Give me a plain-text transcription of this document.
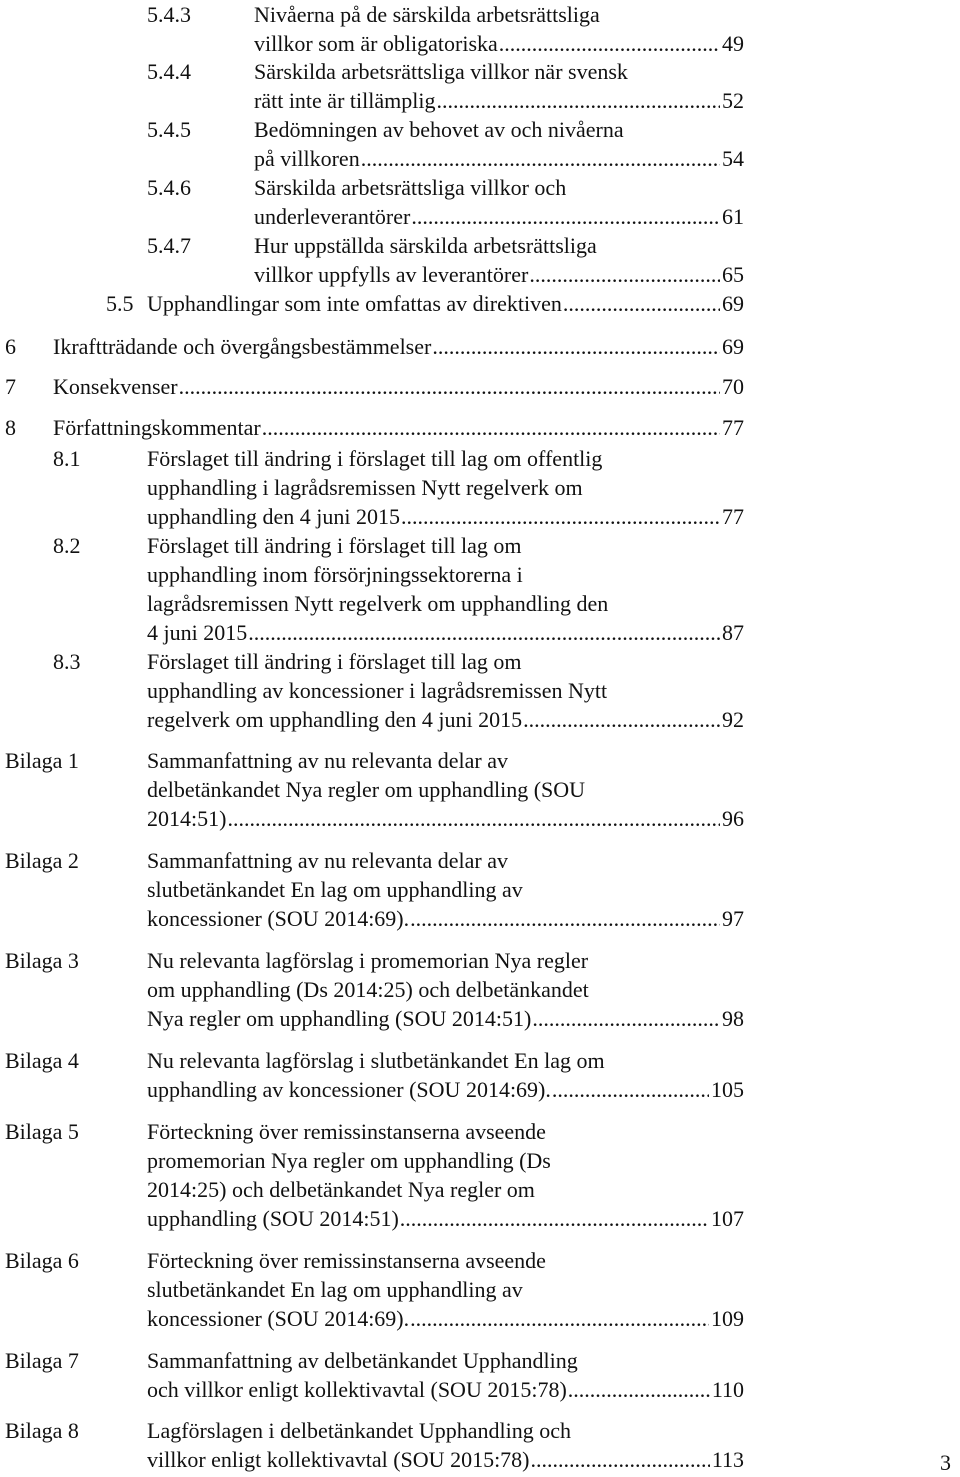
5.4.3	Nivåerna på de särskilda arbetsrättsliga
villkor som är obligatoriska .....	49
5.4.4	Särskilda arbetsrättsliga villkor när svensk
rätt inte är tillämplig .....	52
5.4.5	Bedömningen av behovet av och nivåerna
på villkoren .....	54
5.4.6	Särskilda arbetsrättsliga villkor och
underleverantörer .....	61
5.4.7	Hur uppställda särskilda arbetsrättsliga
villkor uppfylls av leverantörer .....	65
5.5 Upphandlingar som inte omfattas av direktiven .....	69
6 Ikraftträdande och övergångsbestämmelser .....	69
7 Konsekvenser .....	70
8 Författningskommentar .....	77
8.1	Förslaget till ändring i förslaget till lag om offentlig
upphandling i lagrådsremissen Nytt regelverk om
upphandling den 4 juni 2015 .....	77
8.2	Förslaget till ändring i förslaget till lag om
upphandling inom försörjningssektorerna i
lagrådsremissen Nytt regelverk om upphandling den
4 juni 2015 .....	87
8.3	Förslaget till ändring i förslaget till lag om
upphandling av koncessioner i lagrådsremissen Nytt
regelverk om upphandling den 4 juni 2015 .....	92
Bilaga 1	Sammanfattning av nu relevanta delar av
delbetänkandet Nya regler om upphandling (SOU
2014:51) .....	96
Bilaga 2	Sammanfattning av nu relevanta delar av
slutbetänkandet En lag om upphandling av
koncessioner (SOU 2014:69). .....	97
Bilaga 3	Nu relevanta lagförslag i promemorian Nya regler
om upphandling (Ds 2014:25) och delbetänkandet
Nya regler om upphandling (SOU 2014:51) .....	98
Bilaga 4	Nu relevanta lagförslag i slutbetänkandet En lag om
upphandling av koncessioner (SOU 2014:69). .....	105
Bilaga 5	Förteckning över remissinstanserna avseende
promemorian Nya regler om upphandling (Ds
2014:25) och delbetänkandet Nya regler om
upphandling (SOU 2014:51) .....	107
Bilaga 6	Förteckning över remissinstanserna avseende
slutbetänkandet En lag om upphandling av
koncessioner (SOU 2014:69). .....	109
Bilaga 7	Sammanfattning av delbetänkandet Upphandling
och villkor enligt kollektivavtal (SOU 2015:78) .....	110
Bilaga 8	Lagförslagen i delbetänkandet Upphandling och
villkor enligt kollektivavtal (SOU 2015:78) .....	113	3
